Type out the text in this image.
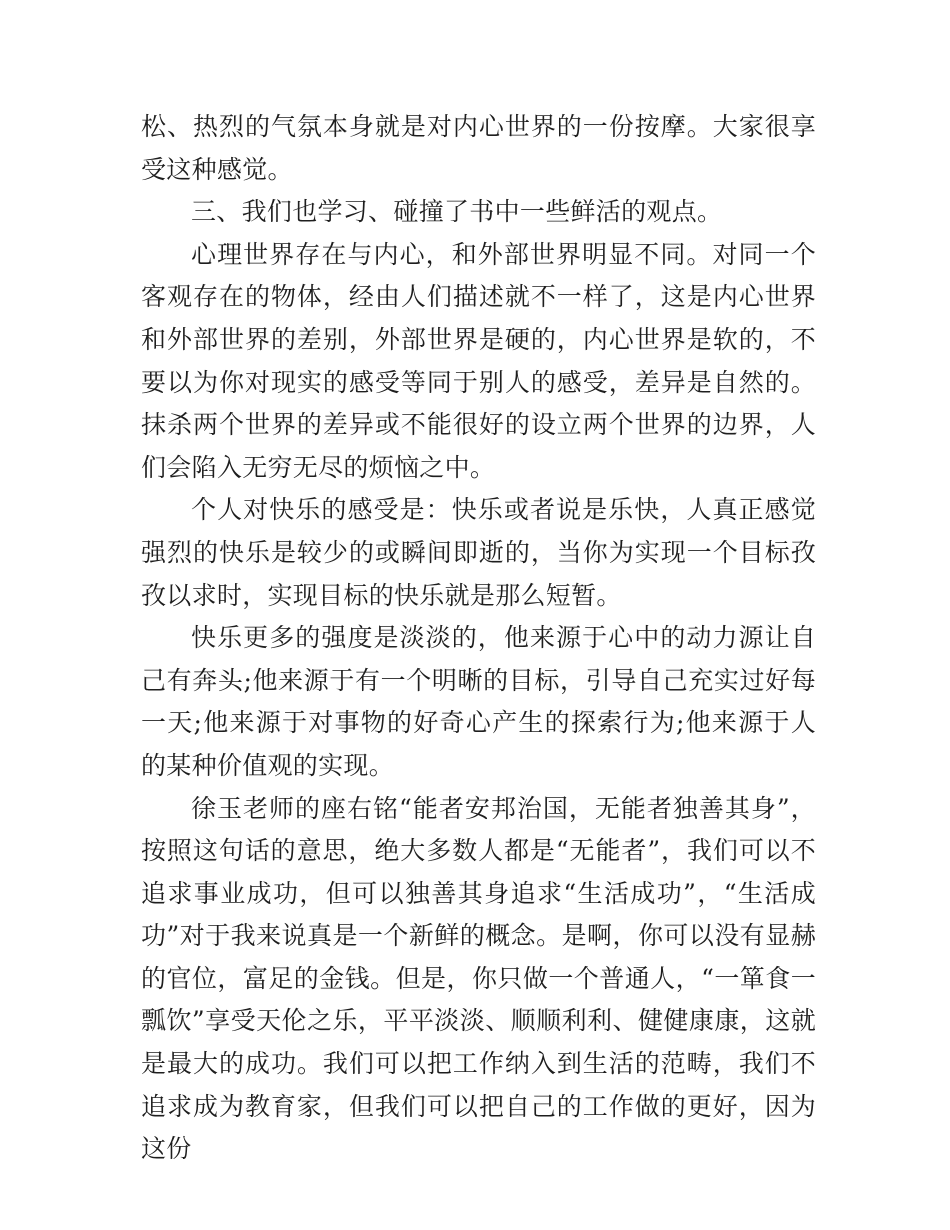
松、热烈的气氛本身就是对内心世界的一份按摩。大家很享受这种感觉。

三、我们也学习、碰撞了书中一些鲜活的观点。

心理世界存在与内心，和外部世界明显不同。对同一个客观存在的物体，经由人们描述就不一样了，这是内心世界和外部世界的差别，外部世界是硬的，内心世界是软的，不要以为你对现实的感受等同于别人的感受，差异是自然的。抹杀两个世界的差异或不能很好的设立两个世界的边界，人们会陷入无穷无尽的烦恼之中。

个人对快乐的感受是：快乐或者说是乐快，人真正感觉强烈的快乐是较少的或瞬间即逝的，当你为实现一个目标孜孜以求时，实现目标的快乐就是那么短暂。

快乐更多的强度是淡淡的，他来源于心中的动力源让自己有奔头;他来源于有一个明晰的目标，引导自己充实过好每一天;他来源于对事物的好奇心产生的探索行为;他来源于人的某种价值观的实现。

徐玉老师的座右铭“能者安邦治国，无能者独善其身”，按照这句话的意思，绝大多数人都是“无能者”，我们可以不追求事业成功，但可以独善其身追求“生活成功”，“生活成功”对于我来说真是一个新鲜的概念。是啊，你可以没有显赫的官位，富足的金钱。但是，你只做一个普通人，“一箪食一瓢饮”享受天伦之乐，平平淡淡、顺顺利利、健健康康，这就是最大的成功。我们可以把工作纳入到生活的范畴，我们不追求成为教育家，但我们可以把自己的工作做的更好，因为这份
